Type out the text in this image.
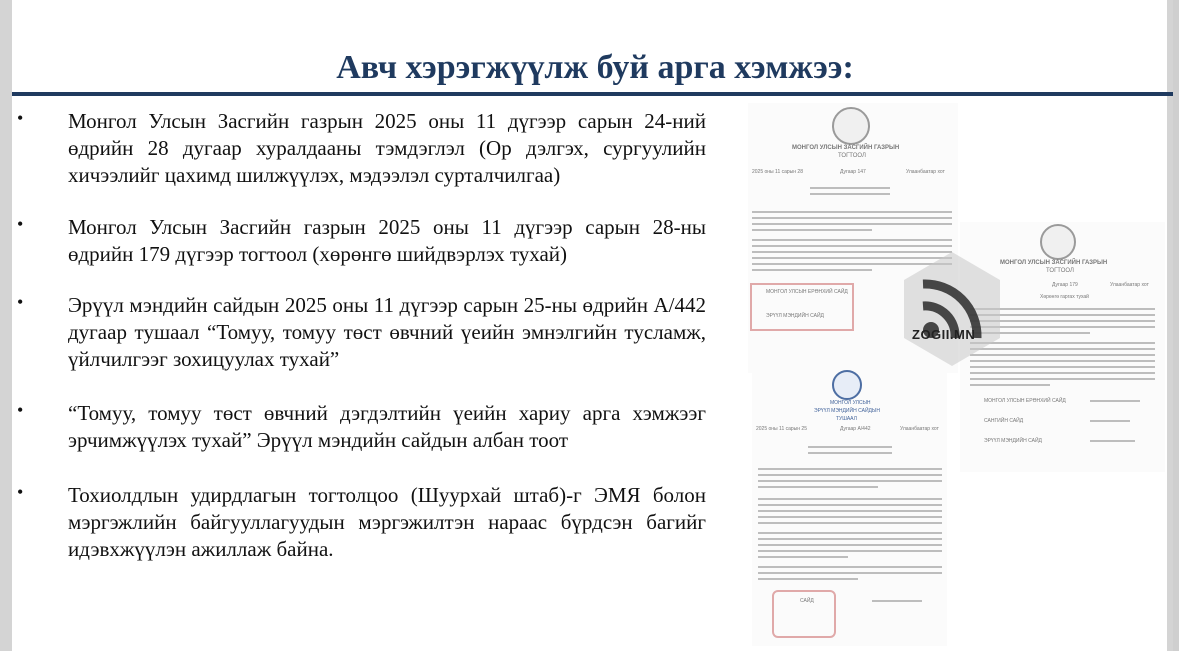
Авч хэрэгжүүлж буй арга хэмжээ:
• Монгол Улсын Засгийн газрын 2025 оны 11 дүгээр сарын 24-ний өдрийн 28 дугаар хуралдааны тэмдэглэл (Ор дэлгэх, сургуулийн хичээлийг цахимд шилжүүлэх, мэдээлэл сурталчилгаа)
• Монгол Улсын Засгийн газрын 2025 оны 11 дүгээр сарын 28-ны өдрийн 179 дүгээр тогтоол (хөрөнгө шийдвэрлэх тухай)
• Эрүүл мэндийн сайдын 2025 оны 11 дүгээр сарын 25-ны өдрийн А/442 дугаар тушаал “Томуу, томуу төст өвчний үеийн эмнэлгийн тусламж, үйлчилгээг зохицуулах тухай”
• “Томуу, томуу төст өвчний дэгдэлтийн үеийн хариу арга хэмжээг эрчимжүүлэх тухай” Эрүүл мэндийн сайдын албан тоот
• Тохиолдлын удирдлагын тогтолцоо (Шуурхай штаб)-г ЭМЯ болон мэргэжлийн байгууллагуудын мэргэжилтэн нараас бүрдсэн багийг идэвхжүүлэн ажиллаж байна.
МОНГОЛ УЛСЫН ЗАСГИЙН ГАЗРЫН
ТОГТООЛ
2025 оны 11 сарын 28	Дугаар 147	Улаанбаатар хот
МОНГОЛ УЛСЫН ЕРӨНХИЙ САЙД
ЭРҮҮЛ МЭНДИЙН САЙД
МОНГОЛ УЛСЫН ЗАСГИЙН ГАЗРЫН
ТОГТООЛ
Дугаар 179	Улаанбаатар хот
Хөрөнгө гаргах тухай
МОНГОЛ УЛСЫН ЕРӨНХИЙ САЙД
САНГИЙН САЙД
ЭРҮҮЛ МЭНДИЙН САЙД
МОНГОЛ УЛСЫН
ЭРҮҮЛ МЭНДИЙН САЙДЫН
ТУШААЛ
2025 оны 11 сарын 25	Дугаар А/442	Улаанбаатар хот
САЙД
ZOGII.MN
